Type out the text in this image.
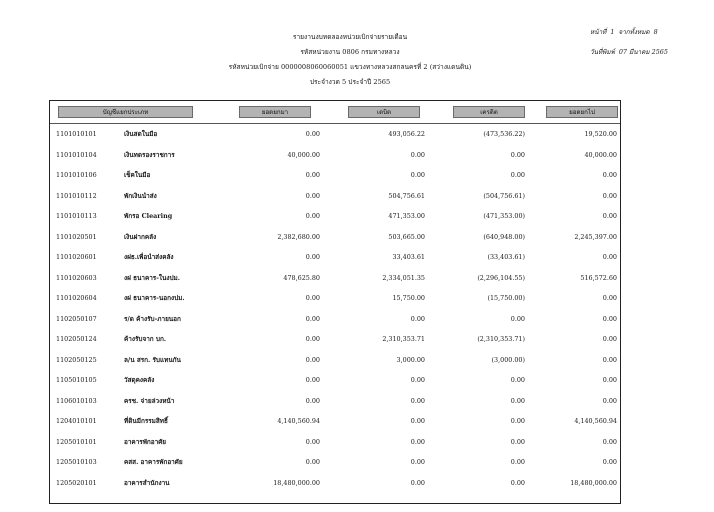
หน้าที่ 1 จากทั้งหมด 8
วันที่พิมพ์ 07 มีนาคม 2565
รายงานงบทดลองหน่วยเบิกจ่ายรายเดือน
รหัสหน่วยงาน 0806 กรมทางหลวง
รหัสหน่วยเบิกจ่าย 0000008060060051 แขวงทางหลวงสกลนครที่ 2 (สว่างแดนดิน)
ประจำงวด 5 ประจำปี 2565
บัญชีแยกประเภท	ยอดยกมา	เดบิต	เครดิต	ยอดยกไป
1101010101	เงินสดในมือ	0.00	493,056.22	(473,536.22)	19,520.00
1101010104	เงินทดรองราชการ	40,000.00	0.00	0.00	40,000.00
1101010106	เช็คในมือ	0.00	0.00	0.00	0.00
1101010112	พักเงินนำส่ง	0.00	504,756.61	(504,756.61)	0.00
1101010113	พักรอ Clearing	0.00	471,353.00	(471,353.00)	0.00
1101020501	เงินฝากคลัง	2,382,680.00	503,665.00	(640,948.00)	2,245,397.00
1101020601	งฝธ.เพื่อนำส่งคลัง	0.00	33,403.61	(33,403.61)	0.00
1101020603	งฝ ธนาคาร-ในงปม.	478,625.80	2,334,051.35	(2,296,104.55)	516,572.60
1101020604	งฝ ธนาคาร-นอกงปม.	0.00	15,750.00	(15,750.00)	0.00
1102050107	ร/ด ค้างรับ-ภายนอก	0.00	0.00	0.00	0.00
1102050124	ค้างรับจาก บก.	0.00	2,310,353.71	(2,310,353.71)	0.00
1102050125	ล/น สรก. รับแทนกัน	0.00	3,000.00	(3,000.00)	0.00
1105010105	วัสดุคงคลัง	0.00	0.00	0.00	0.00
1106010103	ครช. จ่ายล่วงหน้า	0.00	0.00	0.00	0.00
1204010101	ที่ดินมีกรรมสิทธิ์	4,140,560.94	0.00	0.00	4,140,560.94
1205010101	อาคารพักอาศัย	0.00	0.00	0.00	0.00
1205010103	คสส. อาคารพักอาศัย	0.00	0.00	0.00	0.00
1205020101	อาคารสำนักงาน	18,480,000.00	0.00	0.00	18,480,000.00
